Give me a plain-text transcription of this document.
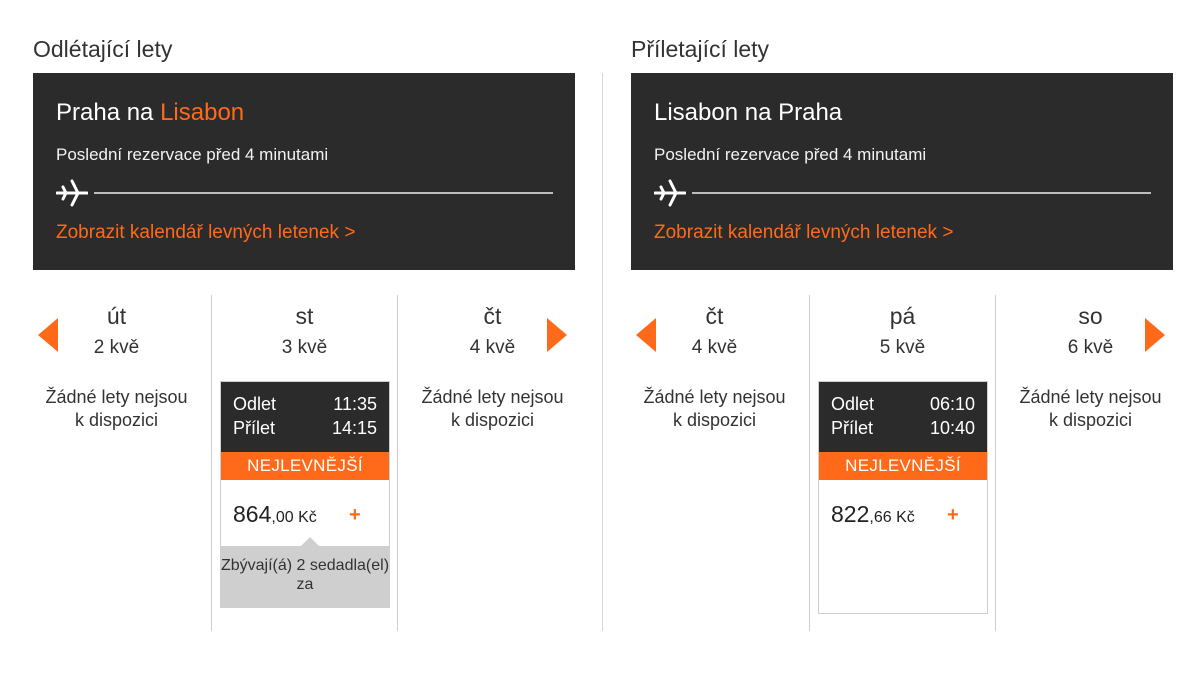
Odlétající lety
Praha na Lisabon
Poslední rezervace před 4 minutami
Zobrazit kalendář levných letenek >
út
2 kvě
Žádné lety nejsou k dispozici
st
3 kvě
Odlet	11:35
Přílet	14:15
NEJLEVNĚJŠÍ
864,00 Kč +
Zbývají(á) 2 sedadla(el) za
čt
4 kvě
Žádné lety nejsou k dispozici
Příletající lety
Lisabon na Praha
Poslední rezervace před 4 minutami
Zobrazit kalendář levných letenek >
čt
4 kvě
Žádné lety nejsou k dispozici
pá
5 kvě
Odlet	06:10
Přílet	10:40
NEJLEVNĚJŠÍ
822,66 Kč +
so
6 kvě
Žádné lety nejsou k dispozici
